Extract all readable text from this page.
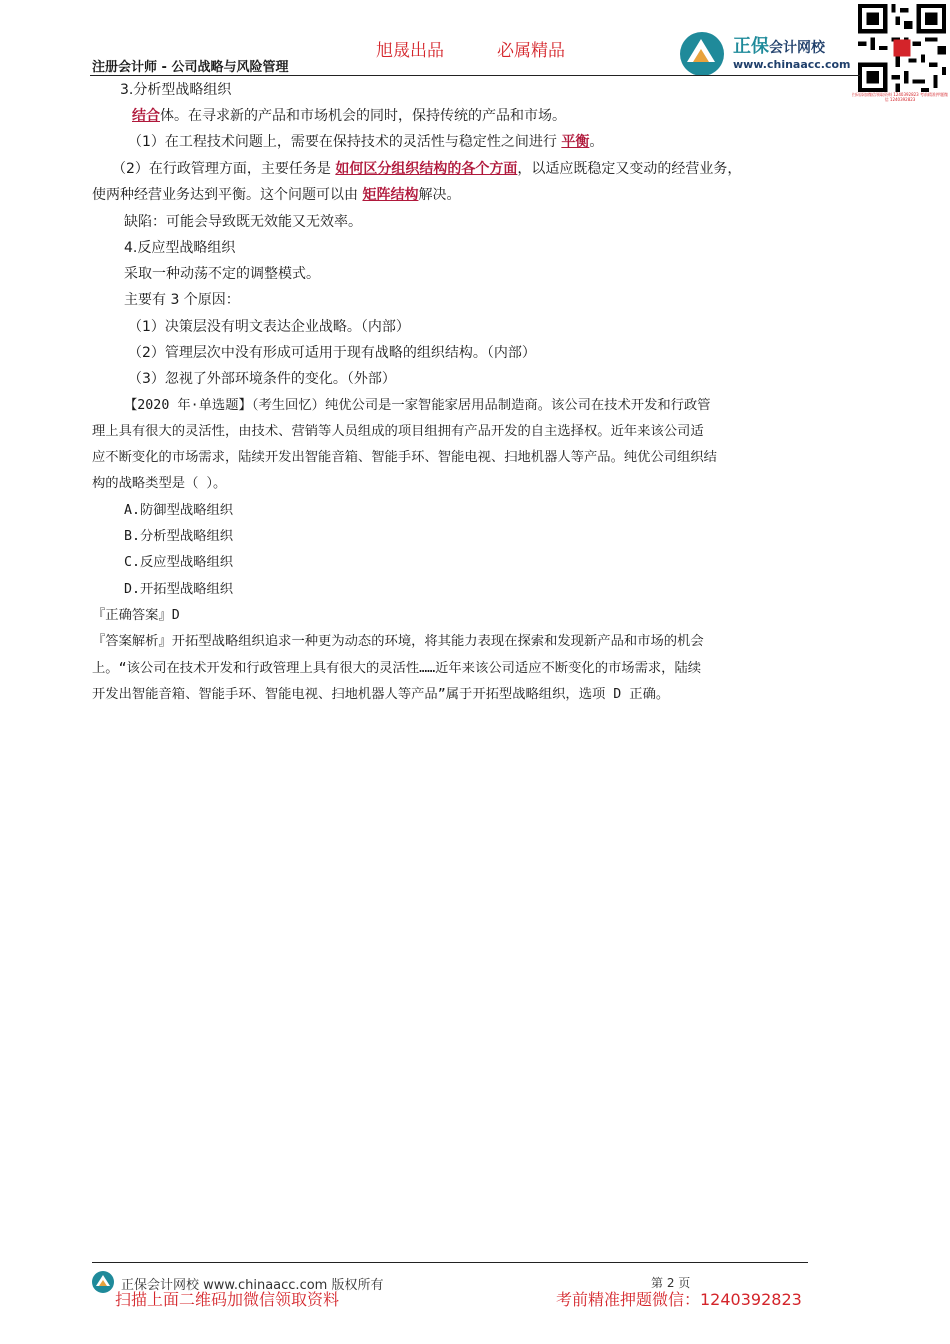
注册会计师 - 公司战略与风险管理
旭晟出品	必属精品	正保会计网校
www.chinaacc.com
扫码添加微信领取资料 1240392823 考前精准押题微信 1240392823
3.分析型战略组织
结合体。在寻求新的产品和市场机会的同时，保持传统的产品和市场。
（1）在工程技术问题上，需要在保持技术的灵活性与稳定性之间进行 平衡。
（2）在行政管理方面，主要任务是 如何区分组织结构的各个方面，以适应既稳定又变动的经营业务，
使两种经营业务达到平衡。这个问题可以由 矩阵结构解决。
缺陷：可能会导致既无效能又无效率。
4.反应型战略组织
采取一种动荡不定的调整模式。
主要有 3 个原因：
（1）决策层没有明文表达企业战略。（内部）
（2）管理层次中没有形成可适用于现有战略的组织结构。（内部）
（3）忽视了外部环境条件的变化。（外部）
【2020 年·单选题】（考生回忆）纯优公司是一家智能家居用品制造商。该公司在技术开发和行政管
理上具有很大的灵活性，由技术、营销等人员组成的项目组拥有产品开发的自主选择权。近年来该公司适
应不断变化的市场需求，陆续开发出智能音箱、智能手环、智能电视、扫地机器人等产品。纯优公司组织结
构的战略类型是（ ）。
A.防御型战略组织
B.分析型战略组织
C.反应型战略组织
D.开拓型战略组织
『正确答案』D
『答案解析』开拓型战略组织追求一种更为动态的环境，将其能力表现在探索和发现新产品和市场的机会
上。“该公司在技术开发和行政管理上具有很大的灵活性……近年来该公司适应不断变化的市场需求，陆续
开发出智能音箱、智能手环、智能电视、扫地机器人等产品”属于开拓型战略组织，选项 D 正确。
正保会计网校 www.chinaacc.com 版权所有	第 2 页
扫描上面二维码加微信领取资料	考前精准押题微信：1240392823
